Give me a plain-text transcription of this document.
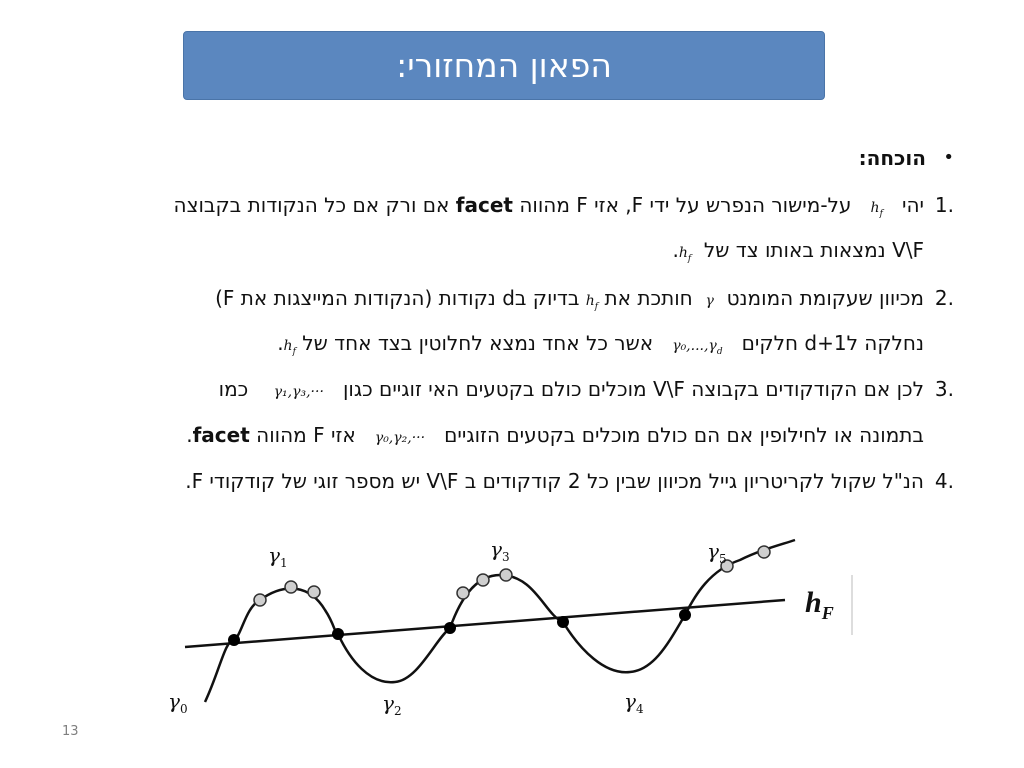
הפאון המחזורי:
•
הוכחה:
1.
יהי   $h_f$   על-מישור הנפרש על ידי F, אזי F מהווה facet אם ורק אם כל הנקודות בקבוצה
V\F נמצאות באותו צד של  $h_f$.
2.
מכיוון שעקומת המומנט  γ  חותכת את $h_f$ בדיוק בd נקודות (הנקודות המייצגות את F)
נחלקה לd+1 חלקים   $\gamma_0,...,\gamma_d$   אשר כל אחד נמצא לחלוטין בצד אחד של $h_f$.
3.
לכן אם הקודקודים בקבוצה V\F מוכלים כולם בקטעים האי זוגיים כגון   γ₁,γ₃,···    כמו
בתמונה או לחילופין אם הם כולם מוכלים בקטעים הזוגיים   γ₀,γ₂,···   אזי F מהווה facet.
4.
הנ"ל שקול לקריטריון גייל מכיוון שבין כל 2 קודקודים ב V\F יש מספר זוגי של קודקודי F.
$h_F$
$\gamma_0$
$\gamma_1$
$\gamma_2$
$\gamma_3$
$\gamma_4$
$\gamma_5$
13
